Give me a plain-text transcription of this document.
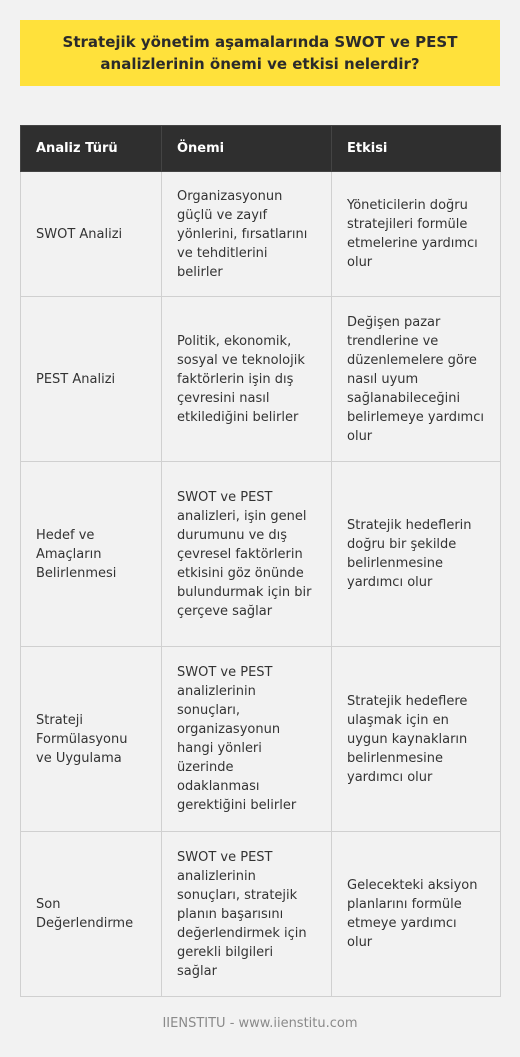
Stratejik yönetim aşamalarında SWOT ve PEST analizlerinin önemi ve etkisi nelerdir?
Analiz Türü	Önemi	Etkisi
SWOT Analizi	Organizasyonun güçlü ve zayıf yönlerini, fırsatlarını ve tehditlerini belirler	Yöneticilerin doğru stratejileri formüle etmelerine yardımcı olur
PEST Analizi	Politik, ekonomik, sosyal ve teknolojik faktörlerin işin dış çevresini nasıl etkilediğini belirler	Değişen pazar trendlerine ve düzenlemelere göre nasıl uyum sağlanabileceğini belirlemeye yardımcı olur
Hedef ve Amaçların Belirlenmesi	SWOT ve PEST analizleri, işin genel durumunu ve dış çevresel faktörlerin etkisini göz önünde bulundurmak için bir çerçeve sağlar	Stratejik hedeflerin doğru bir şekilde belirlenmesine yardımcı olur
Strateji Formülasyonu ve Uygulama	SWOT ve PEST analizlerinin sonuçları, organizasyonun hangi yönleri üzerinde odaklanması gerektiğini belirler	Stratejik hedeflere ulaşmak için en uygun kaynakların belirlenmesine yardımcı olur
Son Değerlendirme	SWOT ve PEST analizlerinin sonuçları, stratejik planın başarısını değerlendirmek için gerekli bilgileri sağlar	Gelecekteki aksiyon planlarını formüle etmeye yardımcı olur
IIENSTITU - www.iienstitu.com
